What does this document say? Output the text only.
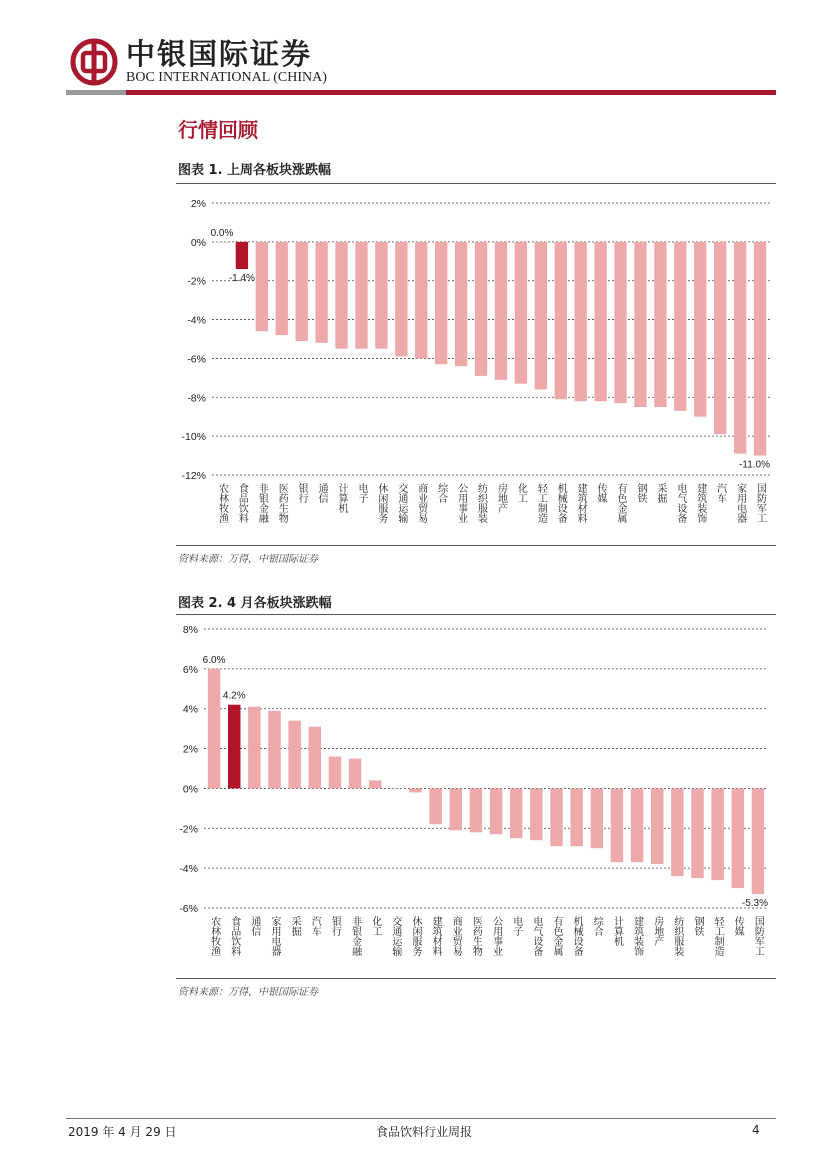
中银国际证券
BOC INTERNATIONAL (CHINA)
行情回顾
图表 1. 上周各板块涨跌幅
2%
0%
-2%
-4%
-6%
-8%
-10%
-12%
0.0%
-1.4%
-11.0%
农林牧渔 食品饮料 非银金融 医药生物 银行 通信 计算机 电子 休闲服务 交通运输 商业贸易 综合 公用事业 纺织服装 房地产 化工 轻工制造 机械设备 建筑材料 传媒 有色金属 钢铁 采掘 电气设备 建筑装饰 汽车 家用电器 国防军工
资料来源：万得，中银国际证券
图表 2. 4 月各板块涨跌幅
8%
6%
4%
2%
0%
-2%
-4%
-6%
6.0%
4.2%
-5.3%
农林牧渔 食品饮料 通信 家用电器 采掘 汽车 银行 非银金融 化工 交通运输 休闲服务 建筑材料 商业贸易 医药生物 公用事业 电子 电气设备 有色金属 机械设备 综合 计算机 建筑装饰 房地产 纺织服装 钢铁 轻工制造 传媒 国防军工
资料来源：万得，中银国际证券
2019 年 4 月 29 日	食品饮料行业周报	4
